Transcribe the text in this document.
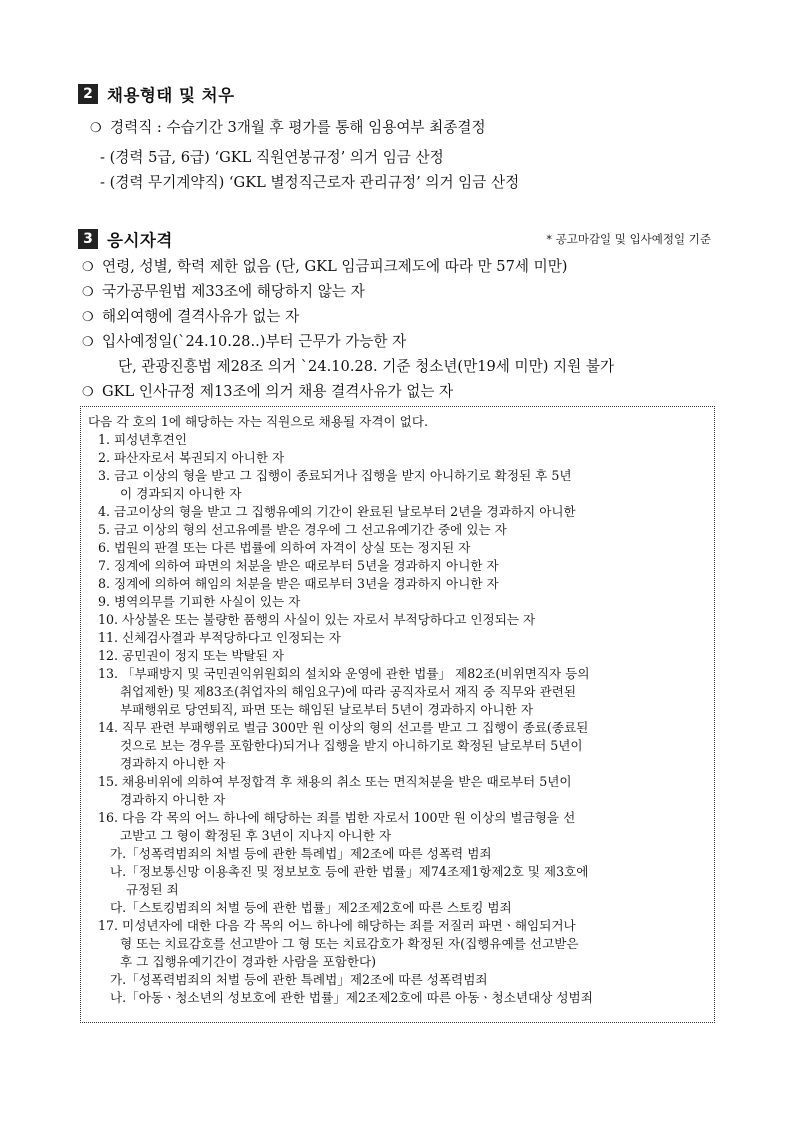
2 채용형태 및 처우
❍ 경력직 : 수습기간 3개월 후 평가를 통해 임용여부 최종결정
- (경력 5급, 6급) ‘GKL 직원연봉규정’ 의거 임금 산정
- (경력 무기계약직) ‘GKL 별정직근로자 관리규정’ 의거 임금 산정
3 응시자격	* 공고마감일 및 입사예정일 기준
❍ 연령, 성별, 학력 제한 없음 (단, GKL 임금피크제도에 따라 만 57세 미만)
❍ 국가공무원법 제33조에 해당하지 않는 자
❍ 해외여행에 결격사유가 없는 자
❍ 입사예정일(`24.10.28..)부터 근무가 가능한 자
단, 관광진흥법 제28조 의거 `24.10.28. 기준 청소년(만19세 미만) 지원 불가
❍ GKL 인사규정 제13조에 의거 채용 결격사유가 없는 자
다음 각 호의 1에 해당하는 자는 직원으로 채용될 자격이 없다.
1. 피성년후견인
2. 파산자로서 복권되지 아니한 자
3. 금고 이상의 형을 받고 그 집행이 종료되거나 집행을 받지 아니하기로 확정된 후 5년
이 경과되지 아니한 자
4. 금고이상의 형을 받고 그 집행유예의 기간이 완료된 날로부터 2년을 경과하지 아니한
5. 금고 이상의 형의 선고유예를 받은 경우에 그 선고유예기간 중에 있는 자
6. 법원의 판결 또는 다른 법률에 의하여 자격이 상실 또는 정지된 자
7. 징계에 의하여 파면의 처분을 받은 때로부터 5년을 경과하지 아니한 자
8. 징계에 의하여 해임의 처분을 받은 때로부터 3년을 경과하지 아니한 자
9. 병역의무를 기피한 사실이 있는 자
10. 사상불온 또는 불량한 품행의 사실이 있는 자로서 부적당하다고 인정되는 자
11. 신체검사결과 부적당하다고 인정되는 자
12. 공민권이 정지 또는 박탈된 자
13. 「부패방지 및 국민권익위원회의 설치와 운영에 관한 법률」 제82조(비위면직자 등의
취업제한) 및 제83조(취업자의 해임요구)에 따라 공직자로서 재직 중 직무와 관련된
부패행위로 당연퇴직, 파면 또는 해임된 날로부터 5년이 경과하지 아니한 자
14. 직무 관련 부패행위로 벌금 300만 원 이상의 형의 선고를 받고 그 집행이 종료(종료된
것으로 보는 경우를 포함한다)되거나 집행을 받지 아니하기로 확정된 날로부터 5년이
경과하지 아니한 자
15. 채용비위에 의하여 부정합격 후 채용의 취소 또는 면직처분을 받은 때로부터 5년이
경과하지 아니한 자
16. 다음 각 목의 어느 하나에 해당하는 죄를 범한 자로서 100만 원 이상의 벌금형을 선
고받고 그 형이 확정된 후 3년이 지나지 아니한 자
가.「성폭력범죄의 처벌 등에 관한 특례법」제2조에 따른 성폭력 범죄
나.「정보통신망 이용촉진 및 정보보호 등에 관한 법률」제74조제1항제2호 및 제3호에
규정된 죄
다.「스토킹범죄의 처벌 등에 관한 법률」제2조제2호에 따른 스토킹 범죄
17. 미성년자에 대한 다음 각 목의 어느 하나에 해당하는 죄를 저질러 파면ㆍ해임되거나
형 또는 치료감호를 선고받아 그 형 또는 치료감호가 확정된 자(집행유예를 선고받은
후 그 집행유예기간이 경과한 사람을 포함한다)
가.「성폭력범죄의 처벌 등에 관한 특례법」제2조에 따른 성폭력범죄
나.「아동ㆍ청소년의 성보호에 관한 법률」제2조제2호에 따른 아동ㆍ청소년대상 성범죄
